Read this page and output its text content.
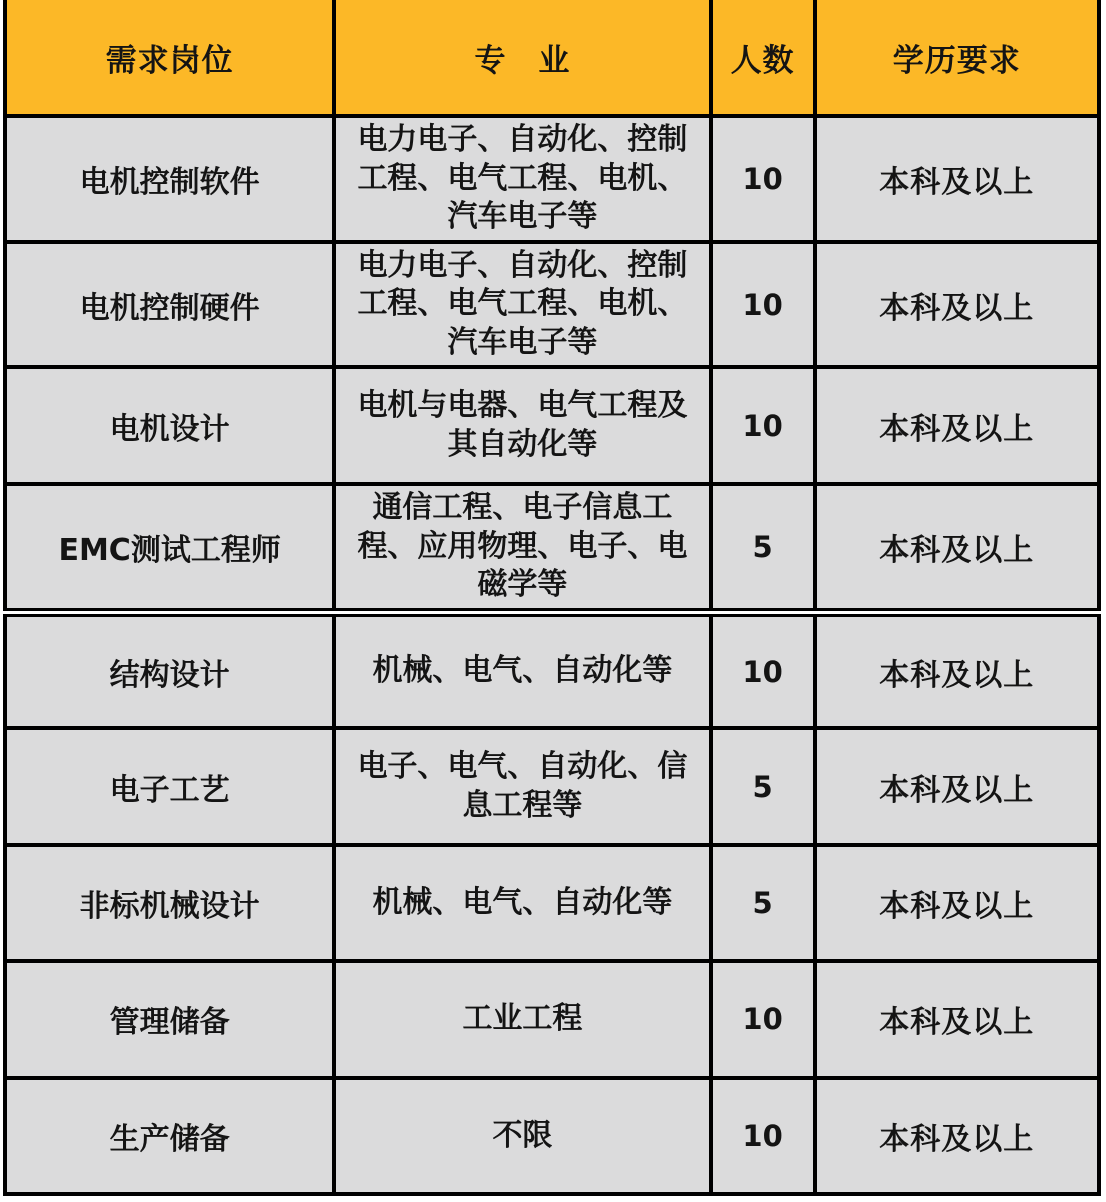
需求岗位	专　业	人数	学历要求
电机控制软件	电力电子、自动化、控制工程、电气工程、电机、汽车电子等	10	本科及以上
电机控制硬件	电力电子、自动化、控制工程、电气工程、电机、汽车电子等	10	本科及以上
电机设计	电机与电器、电气工程及其自动化等	10	本科及以上
EMC测试工程师	通信工程、电子信息工程、应用物理、电子、电磁学等	5	本科及以上
结构设计	机械、电气、自动化等	10	本科及以上
电子工艺	电子、电气、自动化、信息工程等	5	本科及以上
非标机械设计	机械、电气、自动化等	5	本科及以上
管理储备	工业工程	10	本科及以上
生产储备	不限	10	本科及以上
